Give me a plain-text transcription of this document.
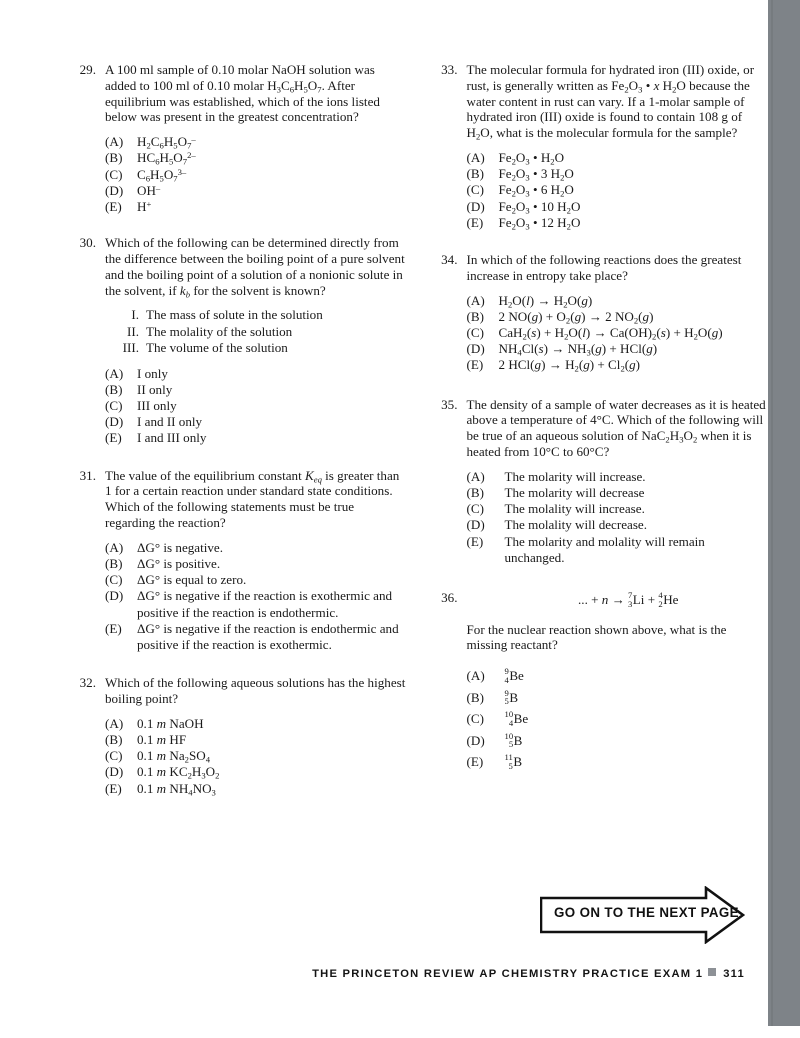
29. A 100 ml sample of 0.10 molar NaOH solution was added to 100 ml of 0.10 molar $H_3C_6H_5O_7$. After equilibrium was established, which of the ions listed below was present in the greatest concentration?
(A)	$H_2C_6H_5O_7^-$
(B)	$HC_6H_5O_7^{2-}$
(C)	$C_6H_5O_7^{3-}$
(D)	OH–
(E)	H+
30. Which of the following can be determined directly from the difference between the boiling point of a pure solvent and the boiling point of a solution of a nonionic solute in the solvent, if $k_b$ for the solvent is known?
I. The mass of solute in the solution
II. The molality of the solution
III. The volume of the solution
(A)	I only
(B)	II only
(C)	III only
(D)	I and II only
(E)	I and III only
31. The value of the equilibrium constant $K_{eq}$ is greater than 1 for a certain reaction under standard state conditions. Which of the following statements must be true regarding the reaction?
(A)	ΔG° is negative.
(B)	ΔG° is positive.
(C)	ΔG° is equal to zero.
(D)	ΔG° is negative if the reaction is exothermic and positive if the reaction is endothermic.
(E)	ΔG° is negative if the reaction is endothermic and positive if the reaction is exothermic.
32. Which of the following aqueous solutions has the highest boiling point?
(A)	0.1 m NaOH
(B)	0.1 m HF
(C)	0.1 m $Na_2SO_4$
(D)	0.1 m $KC_2H_3O_2$
(E)	0.1 m $NH_4NO_3$
33. The molecular formula for hydrated iron (III) oxide, or rust, is generally written as $Fe_2O_3$ • x $H_2O$ because the water content in rust can vary. If a 1-molar sample of hydrated iron (III) oxide is found to contain 108 g of $H_2O$, what is the molecular formula for the sample?
(A)	$Fe_2O_3$ • $H_2O$
(B)	$Fe_2O_3$ • 3 $H_2O$
(C)	$Fe_2O_3$ • 6 $H_2O$
(D)	$Fe_2O_3$ • 10 $H_2O$
(E)	$Fe_2O_3$ • 12 $H_2O$
34. In which of the following reactions does the greatest increase in entropy take place?
(A)	$H_2O(l) \to H_2O(g)$
(B)	2 $NO(g) + O_2(g) \to 2$ $NO_2(g)$
(C)	$CaH_2(s) + H_2O(l) \to Ca(OH)_2(s) + H_2O(g)$
(D)	$NH_4Cl(s) \to NH_3(g) + HCl(g)$
(E)	2 $HCl(g) \to H_2(g) + Cl_2(g)$
35. The density of a sample of water decreases as it is heated above a temperature of 4°C. Which of the following will be true of an aqueous solution of $NaC_2H_3O_2$ when it is heated from 10°C to 60°C?
(A)	The molarity will increase.
(B)	The molarity will decrease
(C)	The molality will increase.
(D)	The molality will decrease.
(E)	The molarity and molality will remain unchanged.
36.	... + n → 7
3 Li + 4
2 He
For the nuclear reaction shown above, what is the missing reactant?
(A)	9
4 Be
(B)	9
5 B
(C)	10
4 Be
(D)	10
5 B
(E)	11
5 B
GO ON TO THE NEXT PAGE
THE PRINCETON REVIEW AP CHEMISTRY PRACTICE EXAM 1 311
